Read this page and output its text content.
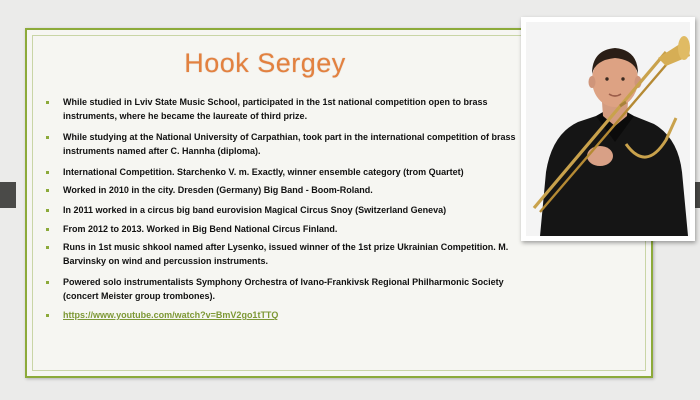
Hook Sergey
While studied in Lviv State Music School, participated in the 1st national competition open to brass instruments, where he became the laureate of third prize.
While studying at the National University of Carpathian, took part in the international competition of brass instruments named after C. Hannha (diploma).
International Competition. Starchenko V. m. Exactly, winner ensemble category (trom Quartet)
Worked in 2010 in the city. Dresden (Germany) Big Band - Boom-Roland.
In 2011 worked in a circus big band eurovision Magical Circus Snoy (Switzerland Geneva)
From 2012 to 2013. Worked in Big Bend National Circus Finland.
Runs in 1st music shkool named after Lysenko, issued winner of the 1st prize Ukrainian Competition. M. Barvinsky on wind and percussion instruments.
Powered solo instrumentalists Symphony Orchestra of Ivano-Frankivsk Regional Philharmonic Society (concert Meister group trombones).
https://www.youtube.com/watch?v=BmV2go1tTTQ
